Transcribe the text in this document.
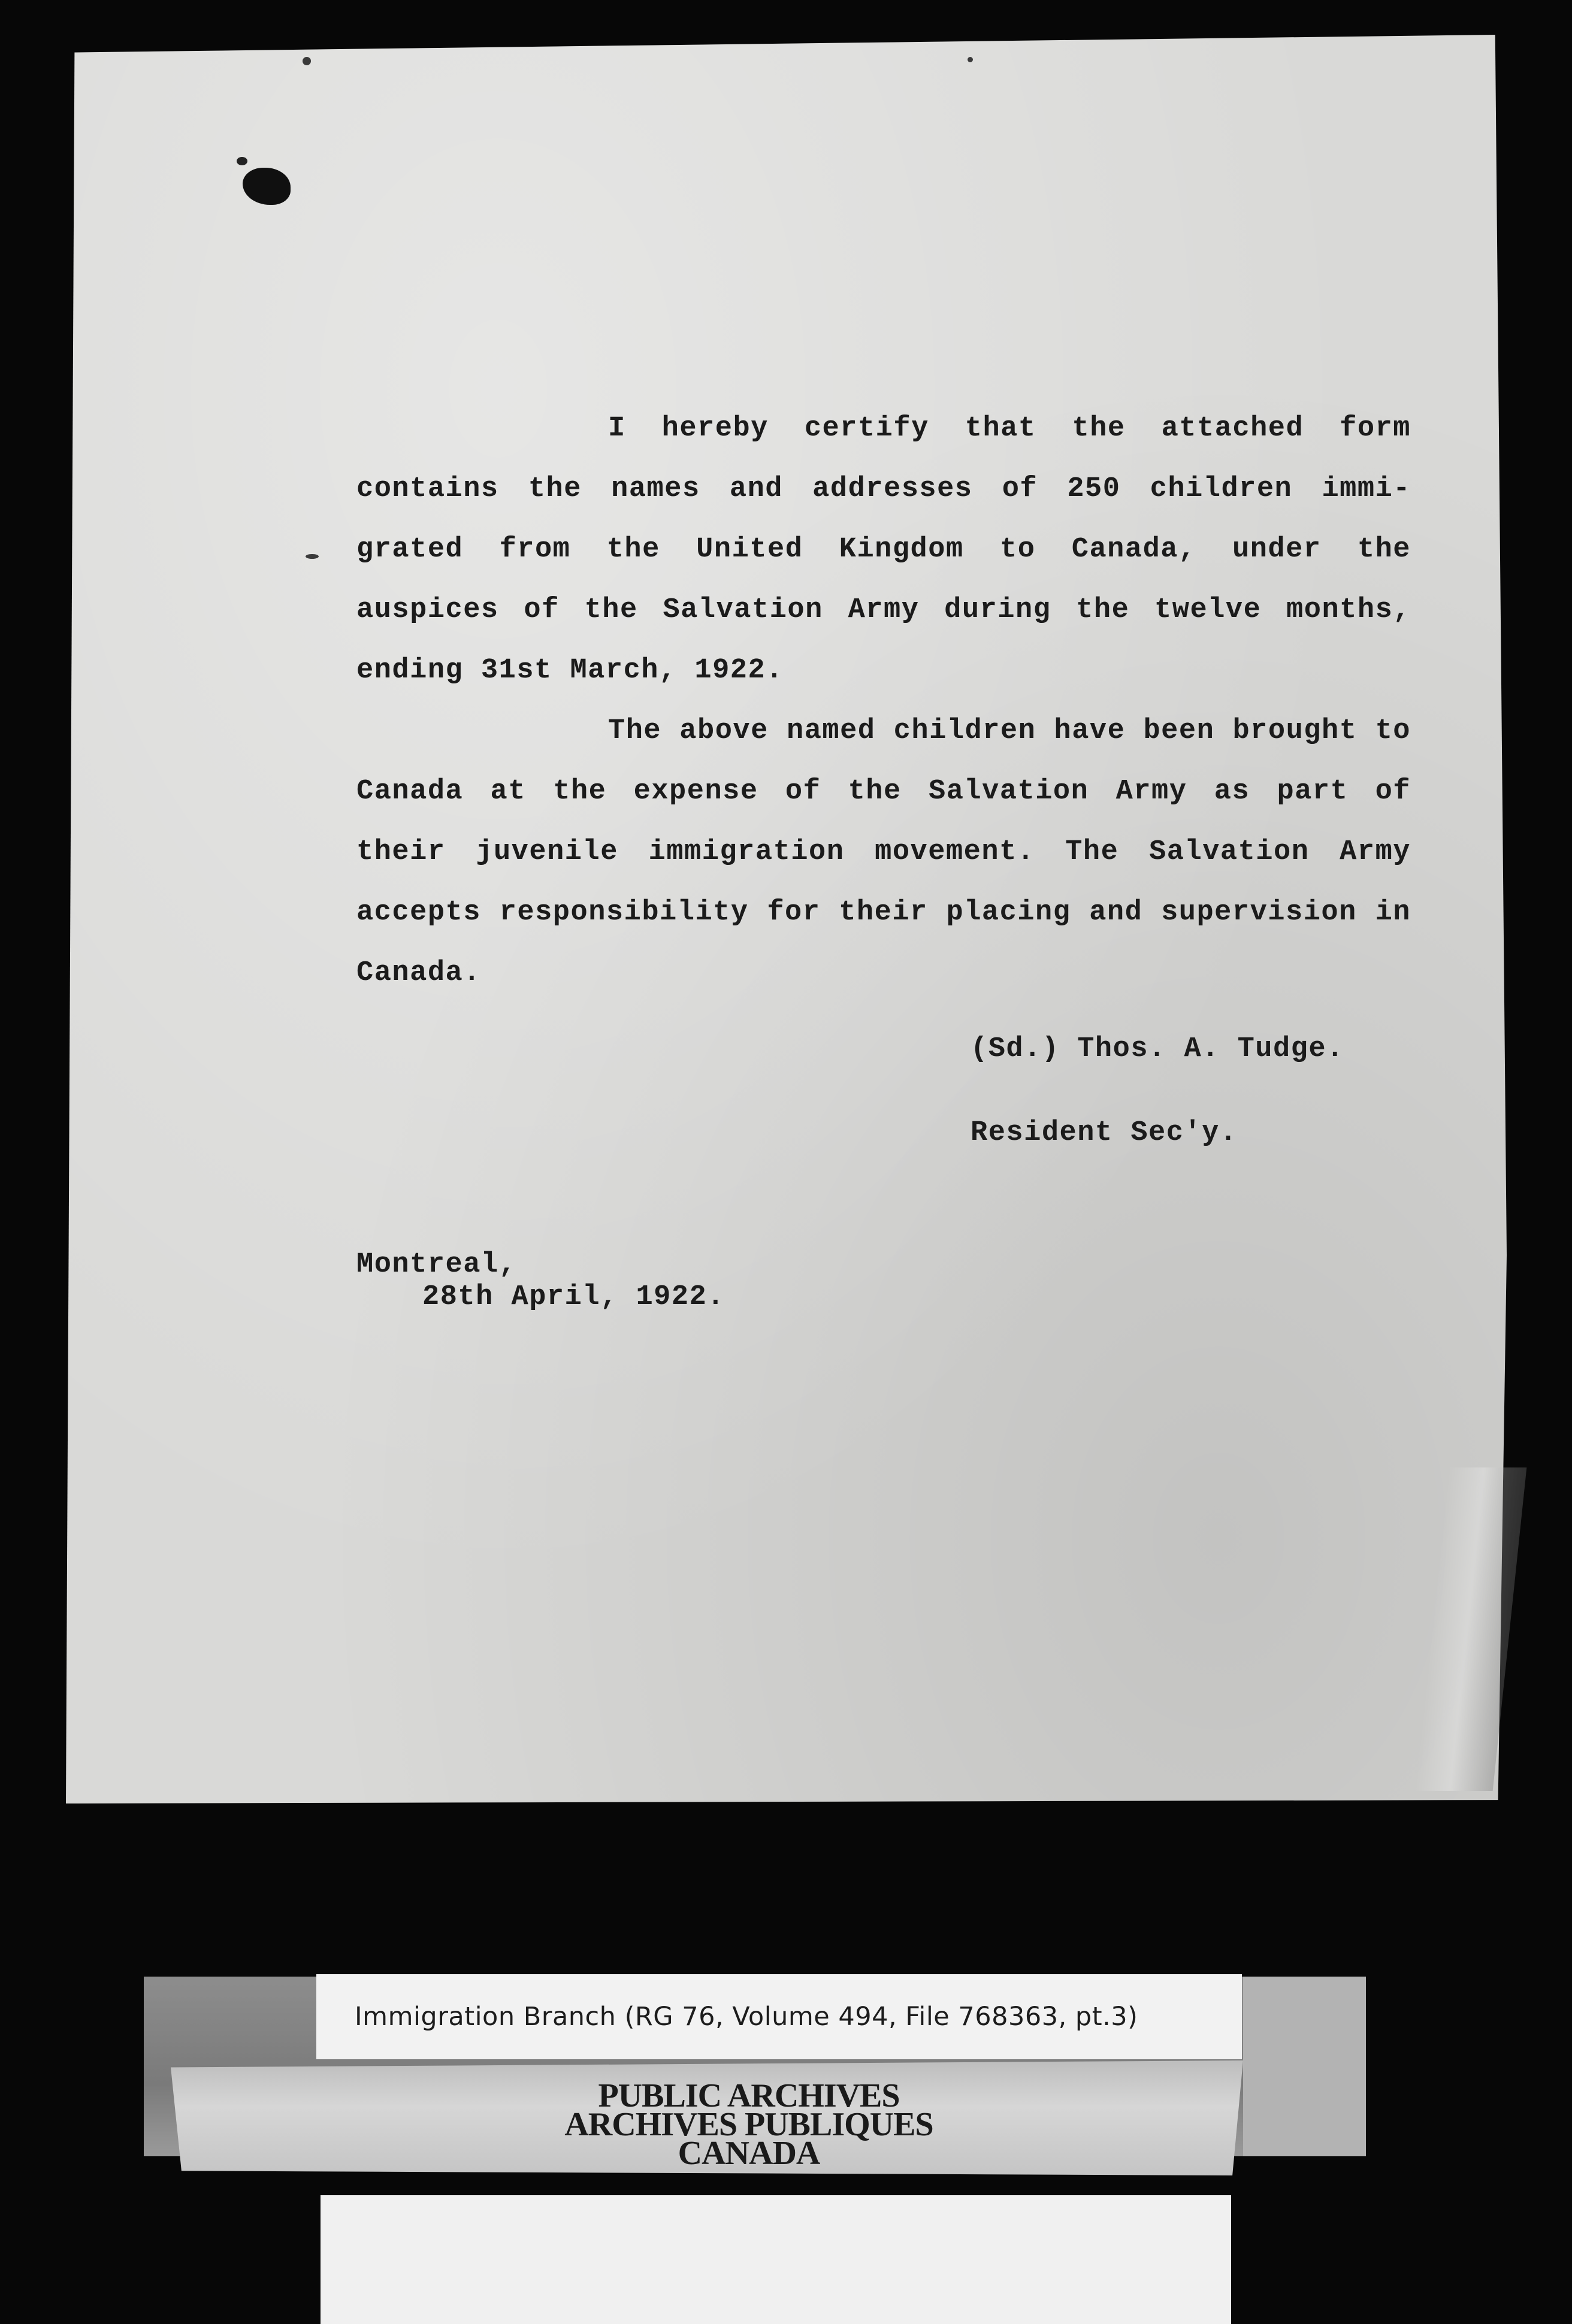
I hereby certify that the attached form contains the names and addresses of 250 children immi-grated from the United Kingdom to Canada, under the auspices of the Salvation Army during the twelve months, ending 31st March, 1922.

The above named children have been brought to Canada at the expense of the Salvation Army as part of their juvenile immigration movement. The Salvation Army accepts responsibility for their placing and supervision in Canada.

(Sd.) Thos. A. Tudge.
Resident Sec'y.
Montreal,
28th April, 1922.
Immigration Branch (RG 76, Volume 494, File 768363, pt.3)
PUBLIC ARCHIVES
ARCHIVES PUBLIQUES
CANADA
